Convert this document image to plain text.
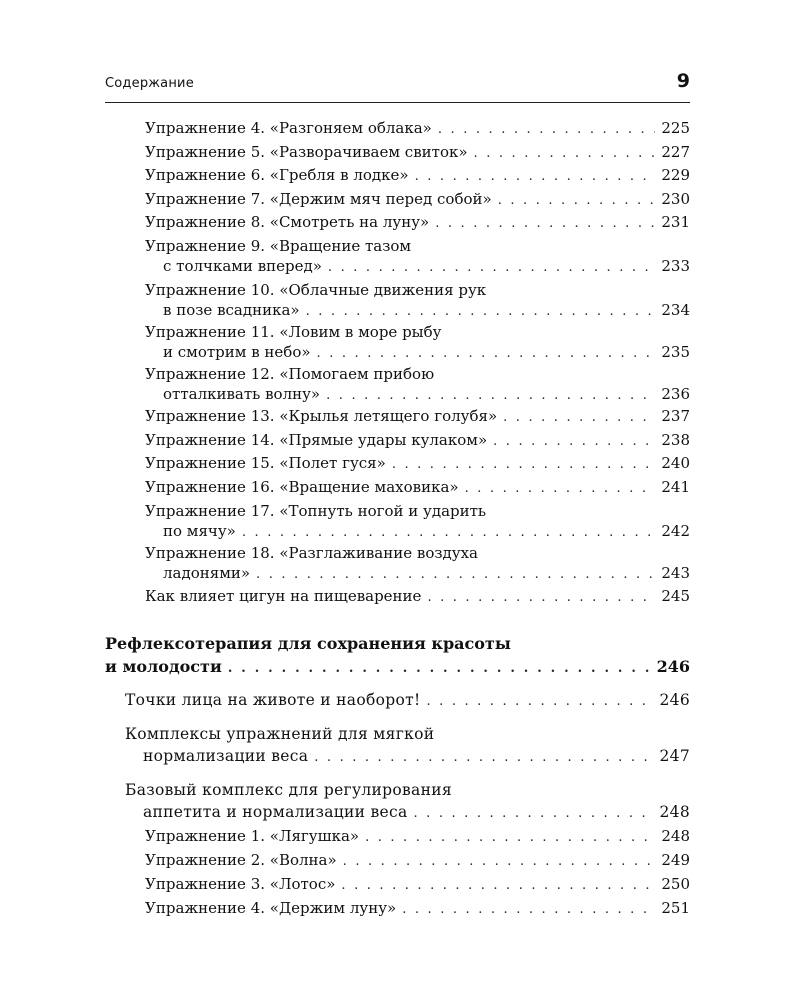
Содержание	9
Упражнение 4. «Разгоняем облака» . . .	225
Упражнение 5. «Разворачиваем свиток» . . .	227
Упражнение 6. «Гребля в лодке» . . .	229
Упражнение 7. «Держим мяч перед собой» . . .	230
Упражнение 8. «Смотреть на луну» . . .	231
Упражнение 9. «Вращение тазом
с толчками вперед» . . .	233
Упражнение 10. «Облачные движения рук
в позе всадника» . . .	234
Упражнение 11. «Ловим в море рыбу
и смотрим в небо» . . .	235
Упражнение 12. «Помогаем прибою
отталкивать волну» . . .	236
Упражнение 13. «Крылья летящего голубя» . . .	237
Упражнение 14. «Прямые удары кулаком» . . .	238
Упражнение 15. «Полет гуся» . . .	240
Упражнение 16. «Вращение маховика» . . .	241
Упражнение 17. «Топнуть ногой и ударить
по мячу» . . .	242
Упражнение 18. «Разглаживание воздуха
ладонями» . . .	243
Как влияет цигун на пищеварение . . .	245
Рефлексотерапия для сохранения красоты
и молодости . . .	246
Точки лица на животе и наоборот! . . .	246
Комплексы упражнений для мягкой
нормализации веса . . .	247
Базовый комплекс для регулирования
аппетита и нормализации веса . . .	248
Упражнение 1. «Лягушка» . . .	248
Упражнение 2. «Волна» . . .	249
Упражнение 3. «Лотос» . . .	250
Упражнение 4. «Держим луну» . . .	251
